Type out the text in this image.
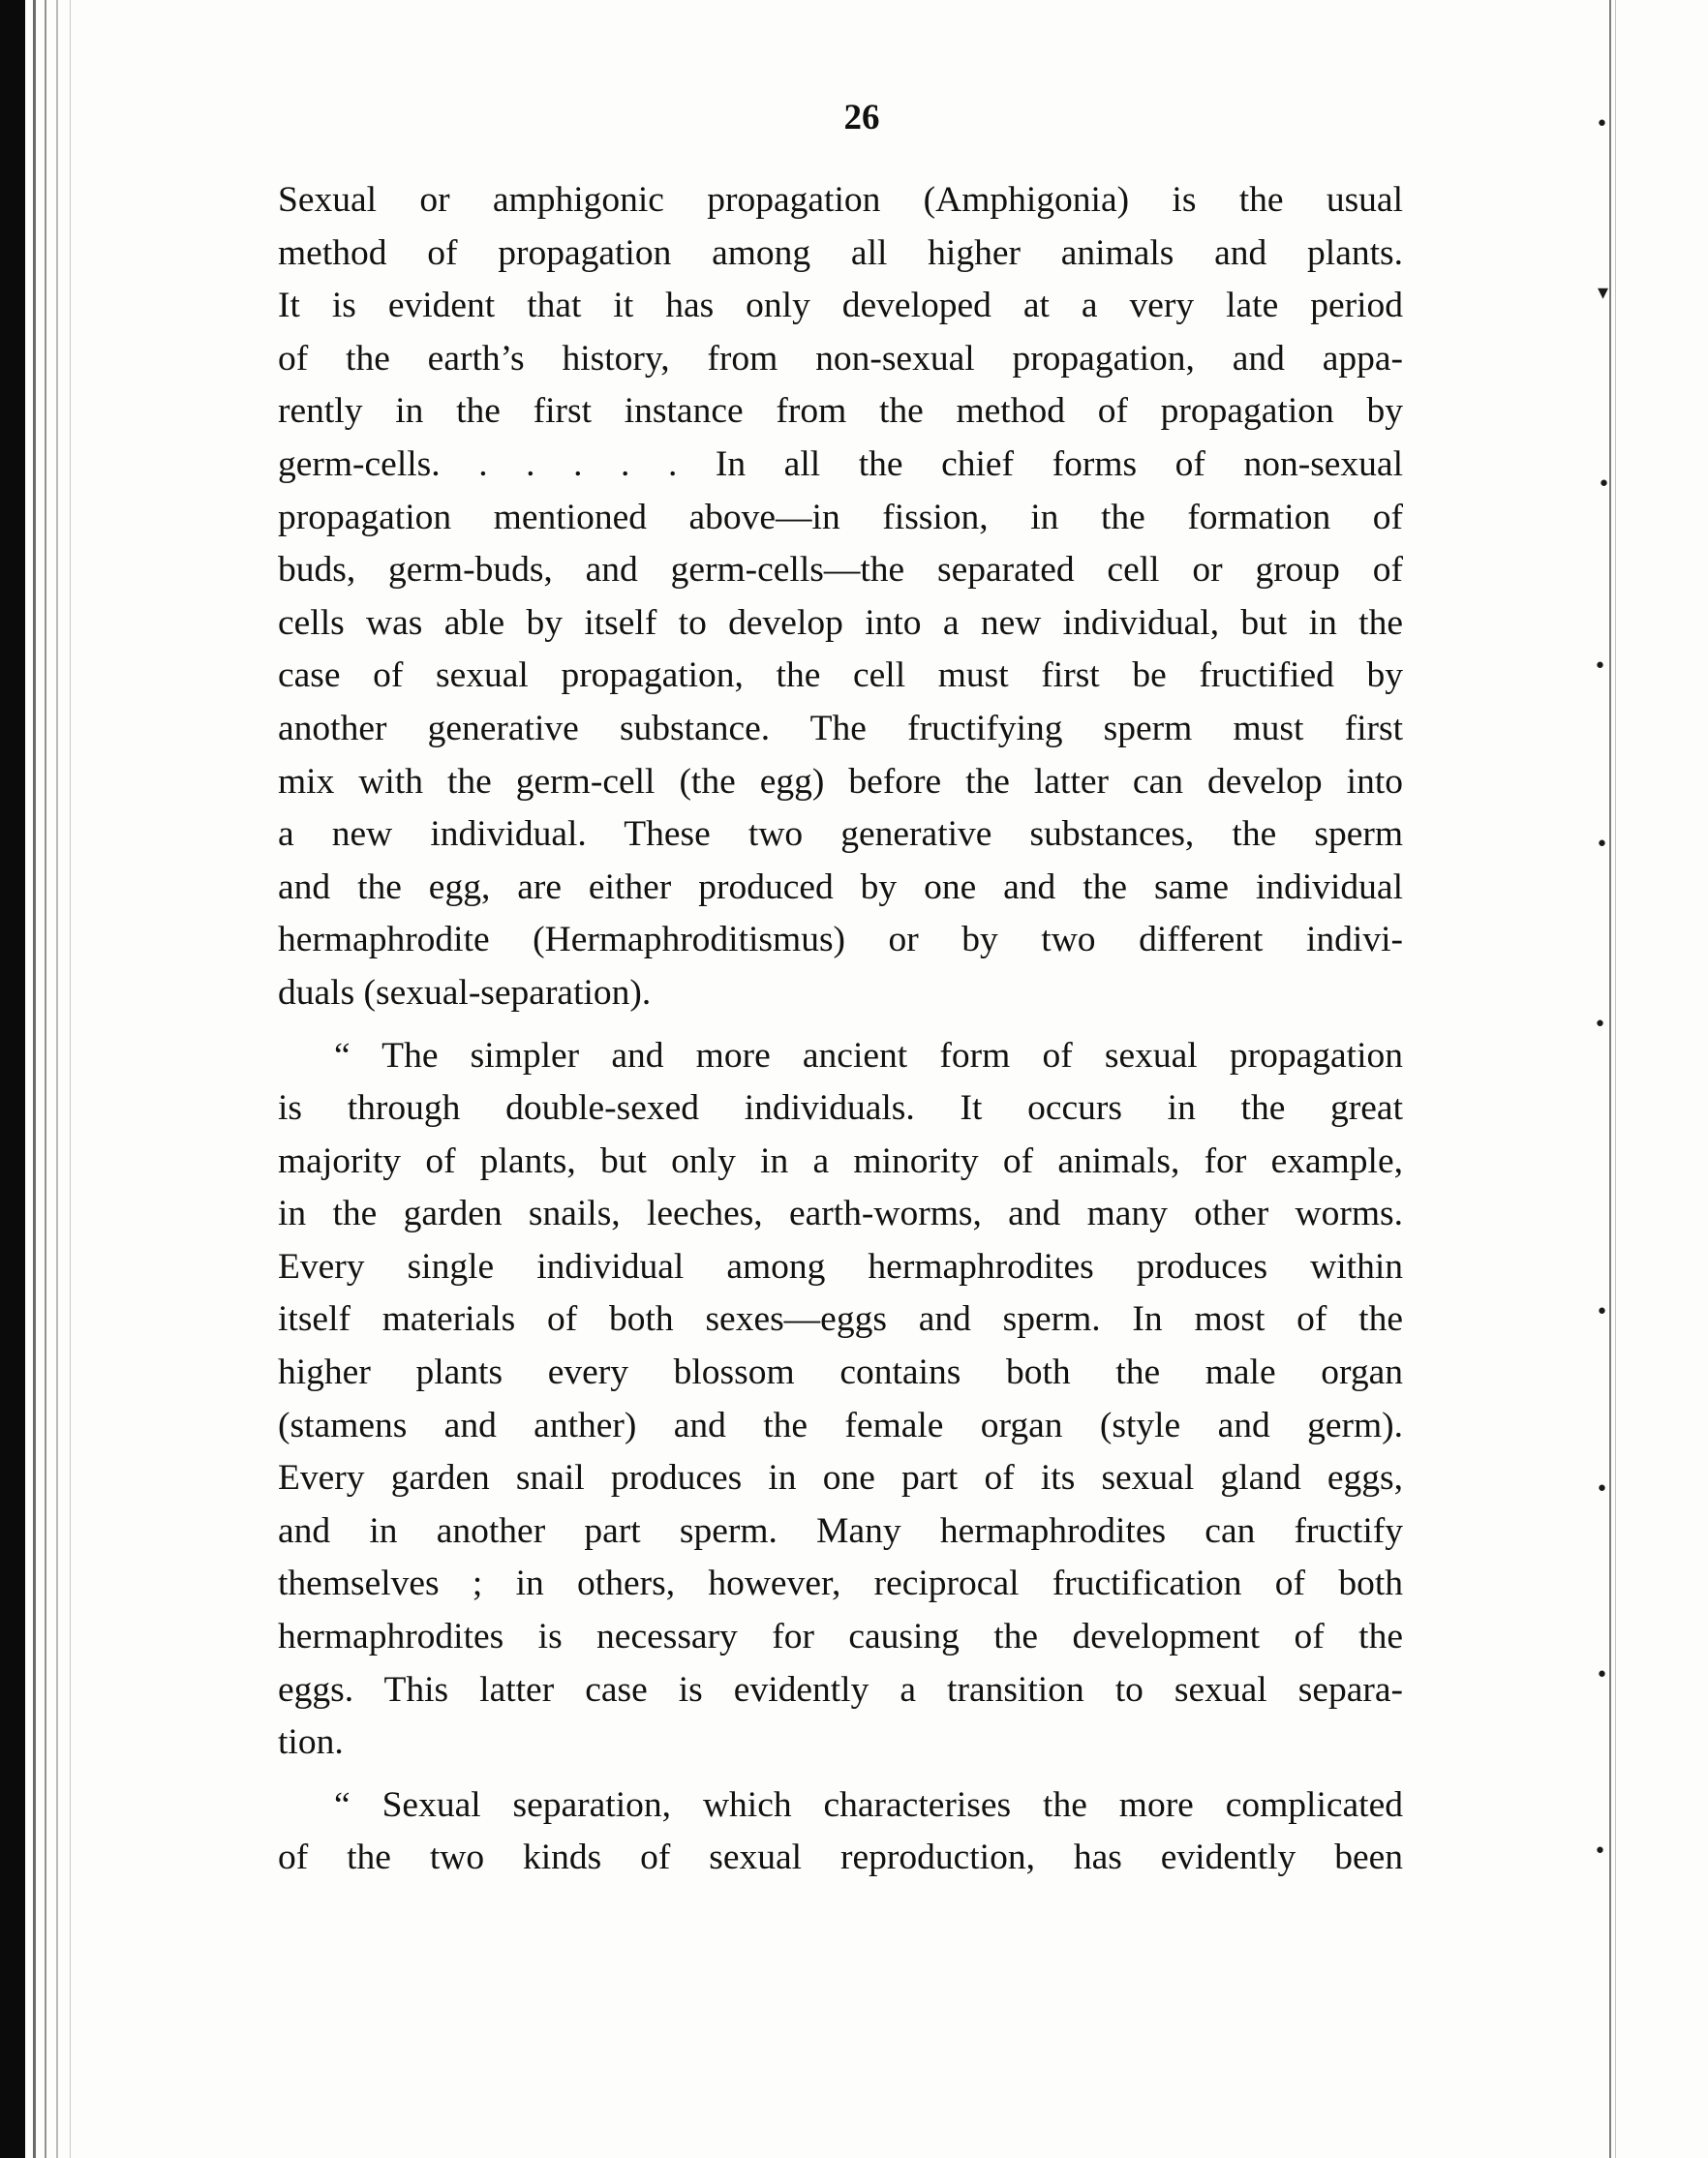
•
▾
•
•
•
•
•
•
•
•
26
Sexual or amphigonic propagation (Amphigonia) is the usual
method of propagation among all higher animals and plants.
It is evident that it has only developed at a very late period
of the earth’s history, from non-sexual propagation, and appa-
rently in the first instance from the method of propagation by
germ-cells. . . . . . In all the chief forms of non-sexual
propagation mentioned above—in fission, in the formation of
buds, germ-buds, and germ-cells—the separated cell or group of
cells was able by itself to develop into a new individual, but in the
case of sexual propagation, the cell must first be fructified by
another generative substance. The fructifying sperm must first
mix with the germ-cell (the egg) before the latter can develop into
a new individual. These two generative substances, the sperm
and the egg, are either produced by one and the same individual
hermaphrodite (Hermaphroditismus) or by two different indivi-
duals (sexual-separation).
“ The simpler and more ancient form of sexual propagation
is through double-sexed individuals. It occurs in the great
majority of plants, but only in a minority of animals, for example,
in the garden snails, leeches, earth-worms, and many other worms.
Every single individual among hermaphrodites produces within
itself materials of both sexes—eggs and sperm. In most of the
higher plants every blossom contains both the male organ
(stamens and anther) and the female organ (style and germ).
Every garden snail produces in one part of its sexual gland eggs,
and in another part sperm. Many hermaphrodites can fructify
themselves ; in others, however, reciprocal fructification of both
hermaphrodites is necessary for causing the development of the
eggs. This latter case is evidently a transition to sexual separa-
tion.
“ Sexual separation, which characterises the more complicated
of the two kinds of sexual reproduction, has evidently been
